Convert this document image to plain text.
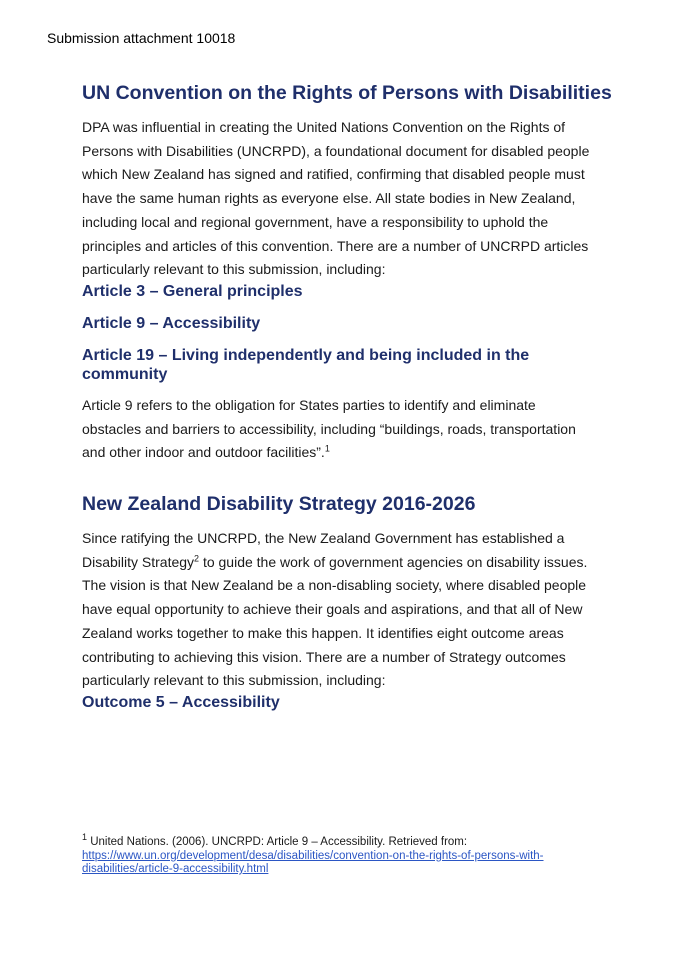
Submission attachment 10018

UN Convention on the Rights of Persons with Disabilities

DPA was influential in creating the United Nations Convention on the Rights of Persons with Disabilities (UNCRPD), a foundational document for disabled people which New Zealand has signed and ratified, confirming that disabled people must have the same human rights as everyone else. All state bodies in New Zealand, including local and regional government, have a responsibility to uphold the principles and articles of this convention. There are a number of UNCRPD articles particularly relevant to this submission, including:

Article 3 – General principles
Article 9 – Accessibility
Article 19 – Living independently and being included in the community

Article 9 refers to the obligation for States parties to identify and eliminate obstacles and barriers to accessibility, including “buildings, roads, transportation and other indoor and outdoor facilities”.$^1$

New Zealand Disability Strategy 2016-2026

Since ratifying the UNCRPD, the New Zealand Government has established a Disability Strategy$^2$ to guide the work of government agencies on disability issues. The vision is that New Zealand be a non-disabling society, where disabled people have equal opportunity to achieve their goals and aspirations, and that all of New Zealand works together to make this happen. It identifies eight outcome areas contributing to achieving this vision. There are a number of Strategy outcomes particularly relevant to this submission, including:

Outcome 5 – Accessibility
$^1$ United Nations. (2006). UNCRPD: Article 9 – Accessibility. Retrieved from:
https://www.un.org/development/desa/disabilities/convention-on-the-rights-of-persons-with-disabilities/article-9-accessibility.html
